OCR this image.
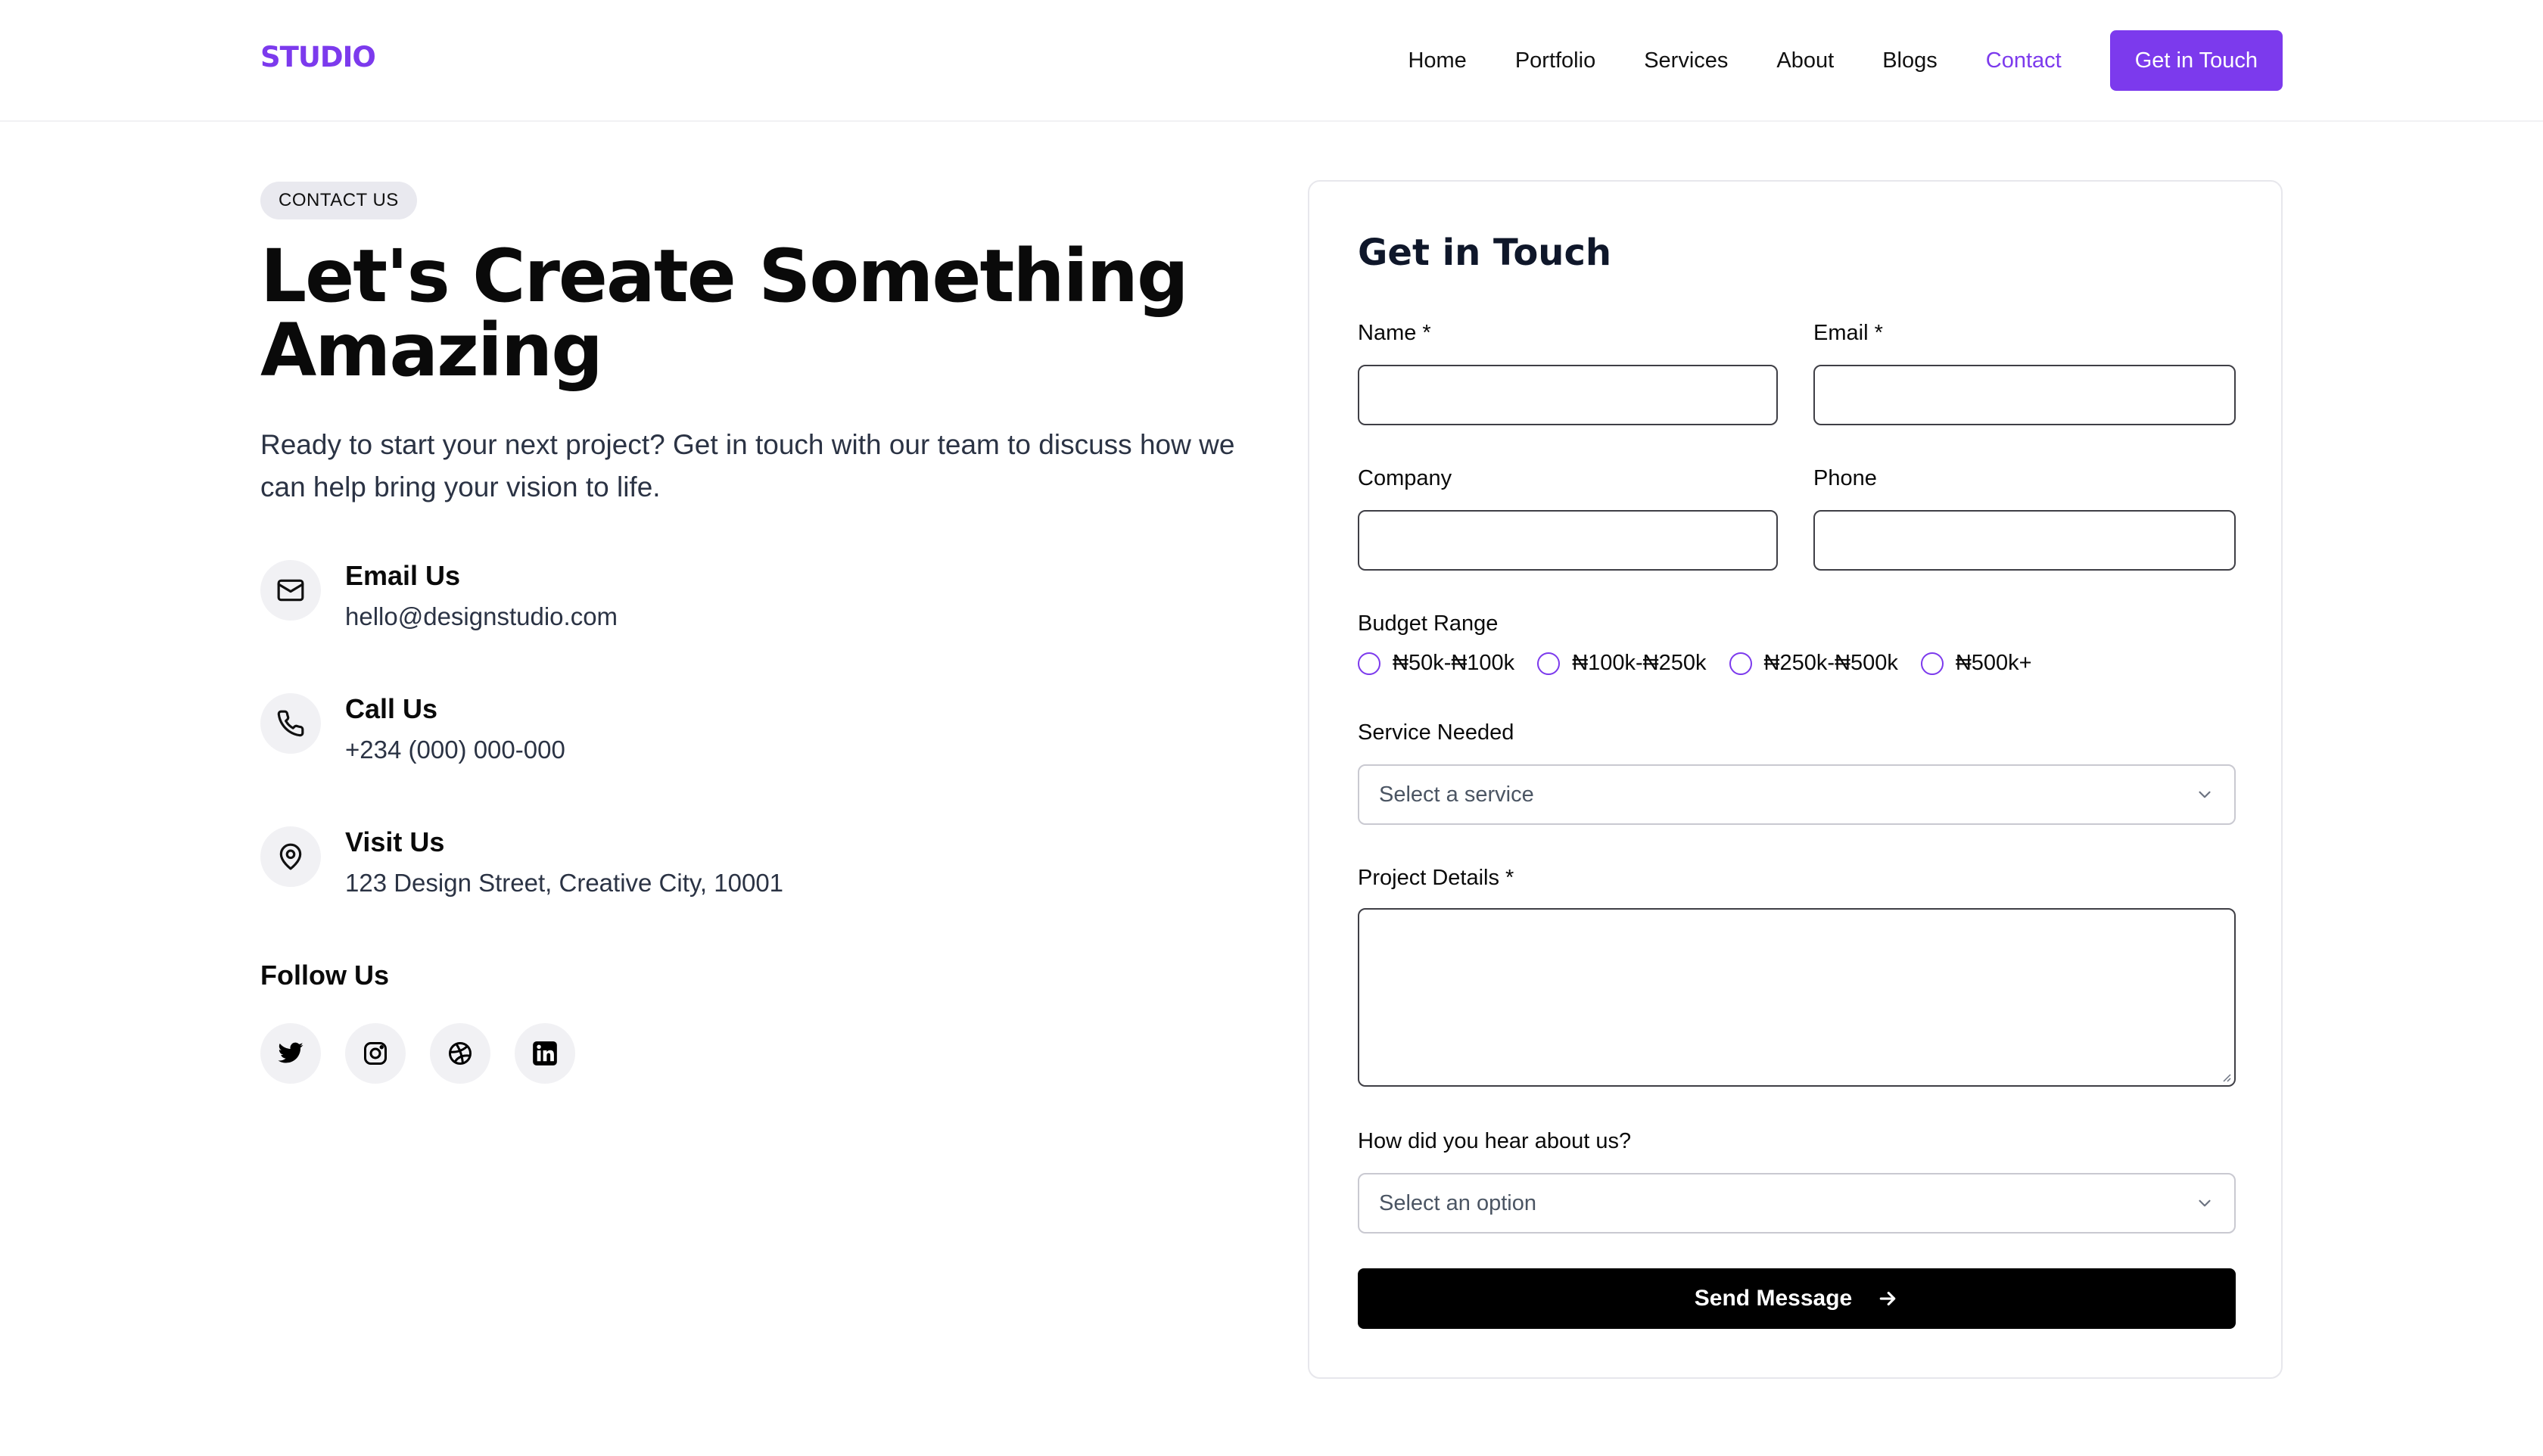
STUDIO	Home Portfolio Services About Blogs Contact	Get in Touch
CONTACT US
Let's Create Something Amazing

Ready to start your next project? Get in touch with our team to discuss how we can help bring your vision to life.

Email Us
hello@designstudio.com
Call Us
+234 (000) 000-000
Visit Us
123 Design Street, Creative City, 10001
Follow Us
Get in Touch
Name *	Email *
Company	Phone
Budget Range
₦50k-₦100k	₦100k-₦250k	₦250k-₦500k	₦500k+
Service Needed
Select a service
Project Details *
How did you hear about us?
Select an option
Send Message
